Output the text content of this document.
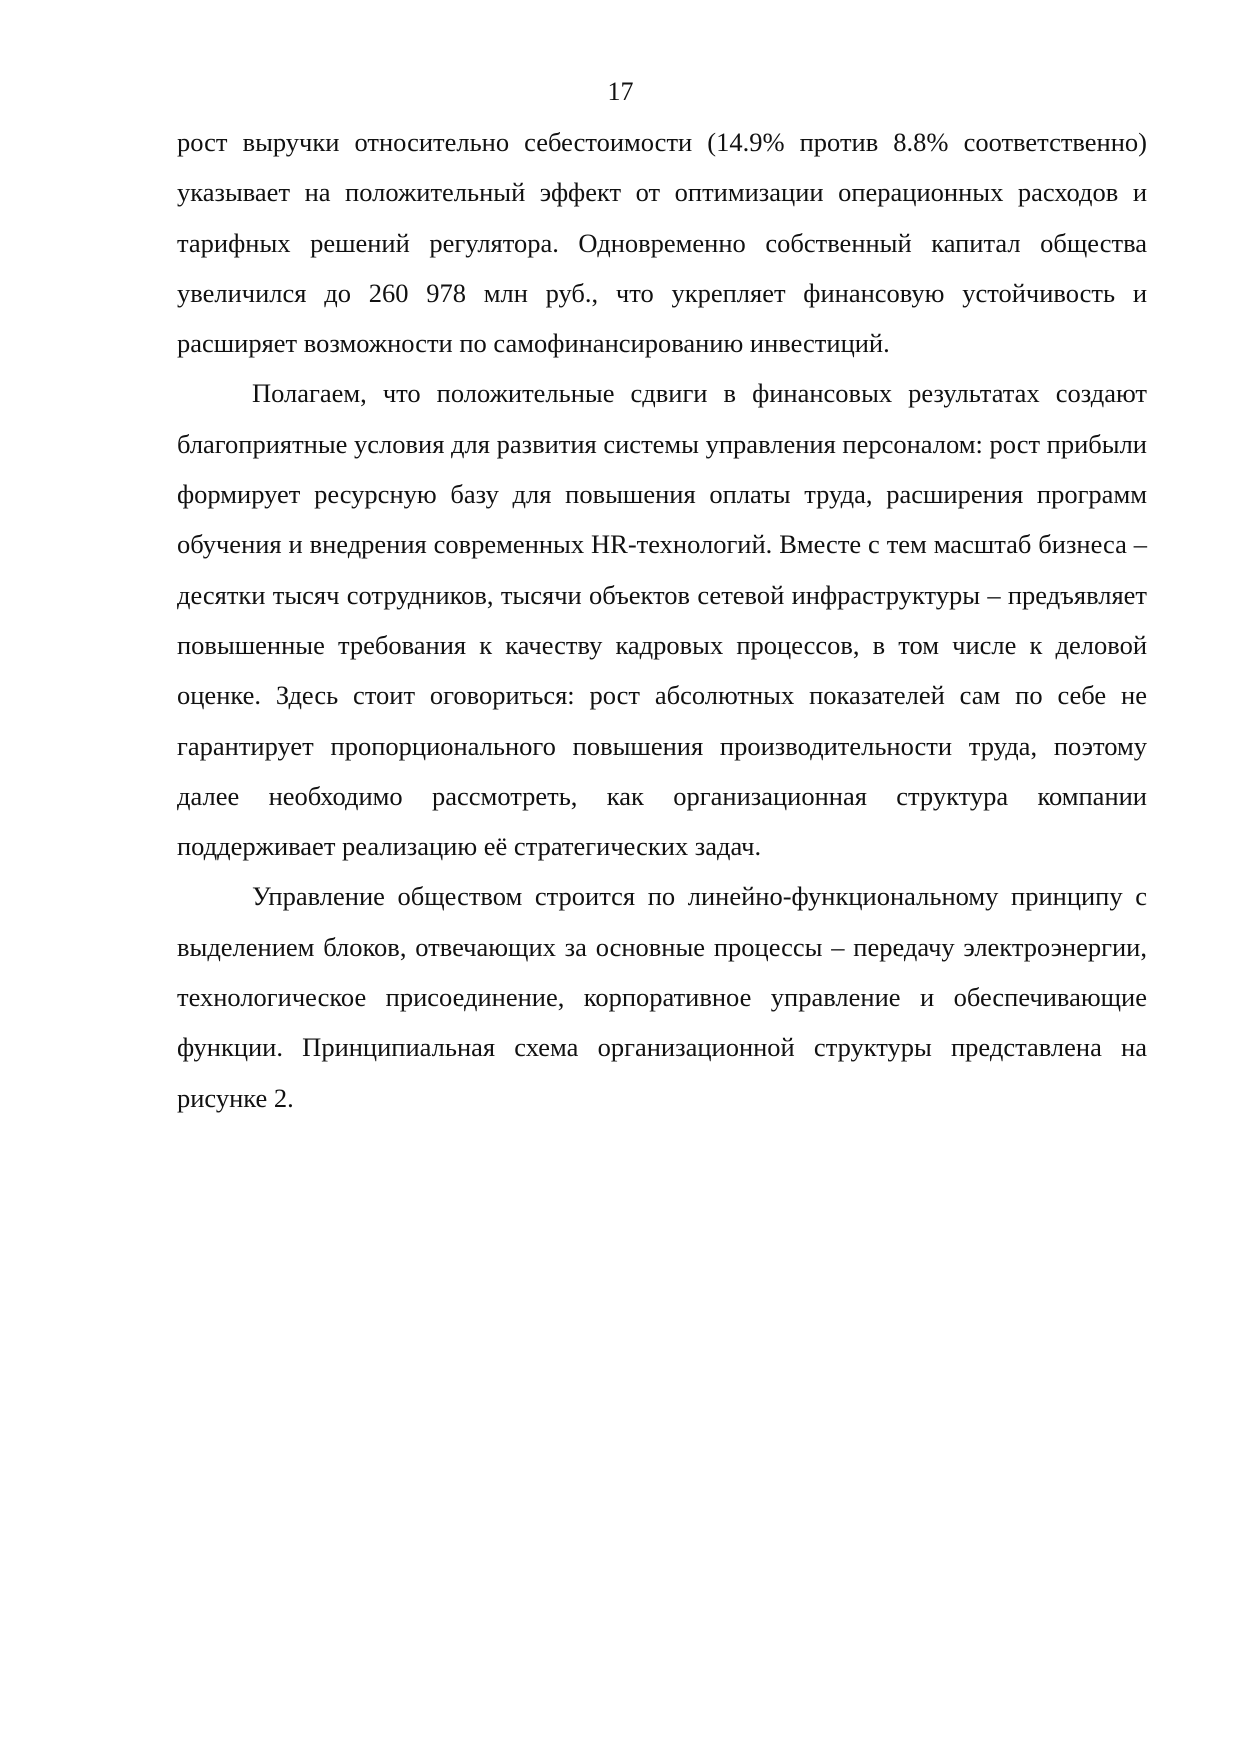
17

рост выручки относительно себестоимости (14.9% против 8.8% соответственно) указывает на положительный эффект от оптимизации операционных расходов и тарифных решений регулятора. Одновременно собственный капитал общества увеличился до 260 978 млн руб., что укрепляет финансовую устойчивость и расширяет возможности по самофинансированию инвестиций.

Полагаем, что положительные сдвиги в финансовых результатах создают благоприятные условия для развития системы управления персоналом: рост прибыли формирует ресурсную базу для повышения оплаты труда, расширения программ обучения и внедрения современных HR-технологий. Вместе с тем масштаб бизнеса – десятки тысяч сотрудников, тысячи объектов сетевой инфраструктуры – предъявляет повышенные требования к качеству кадровых процессов, в том числе к деловой оценке. Здесь стоит оговориться: рост абсолютных показателей сам по себе не гарантирует пропорционального повышения производительности труда, поэтому далее необходимо рассмотреть, как организационная структура компании поддерживает реализацию её стратегических задач.

Управление обществом строится по линейно-функциональному принципу с выделением блоков, отвечающих за основные процессы – передачу электроэнергии, технологическое присоединение, корпоративное управление и обеспечивающие функции. Принципиальная схема организационной структуры представлена на рисунке 2.
